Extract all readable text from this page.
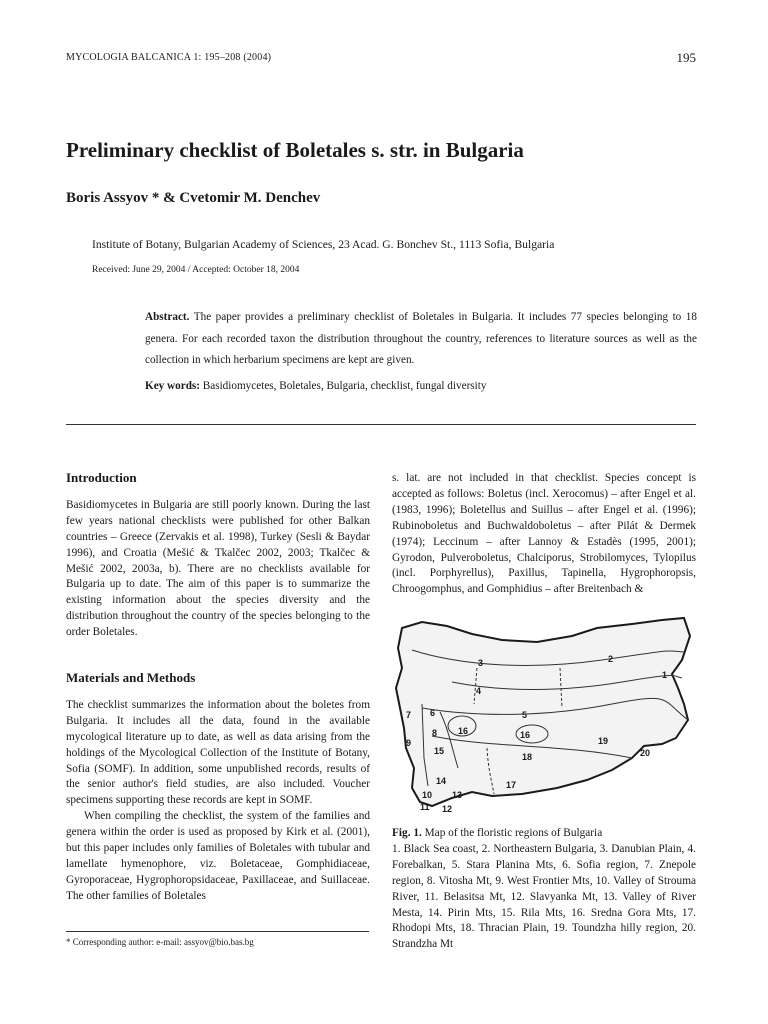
MYCOLOGIA BALCANICA 1: 195–208 (2004)	195
Preliminary checklist of Boletales s. str. in Bulgaria
Boris Assyov * & Cvetomir M. Denchev
Institute of Botany, Bulgarian Academy of Sciences, 23 Acad. G. Bonchev St., 1113 Sofia, Bulgaria
Received: June 29, 2004 / Accepted: October 18, 2004
Abstract. The paper provides a preliminary checklist of Boletales in Bulgaria. It includes 77 species belonging to 18 genera. For each recorded taxon the distribution throughout the country, references to literature sources as well as the collection in which herbarium specimens are kept are given.
Key words: Basidiomycetes, Boletales, Bulgaria, checklist, fungal diversity
Introduction

Basidiomycetes in Bulgaria are still poorly known. During the last few years national checklists were published for other Balkan countries – Greece (Zervakis et al. 1998), Turkey (Sesli & Baydar 1996), and Croatia (Mešić & Tkalčec 2002, 2003; Tkalčec & Mešić 2002, 2003a, b). There are no checklists available for Bulgaria up to date. The aim of this paper is to summarize the existing information about the species diversity and the distribution throughout the country of the species belonging to the order Boletales.

Materials and Methods

The checklist summarizes the information about the boletes from Bulgaria. It includes all the data, found in the available mycological literature up to date, as well as data arising from the holdings of the Mycological Collection of the Institute of Botany, Sofia (SOMF). In addition, some unpublished records, results of the senior author's field studies, are also included. Voucher specimens supporting these records are kept in SOMF.

When compiling the checklist, the system of the families and genera within the order is used as proposed by Kirk et al. (2001), but this paper includes only families of Boletales with tubular and lamellate hymenophore, viz. Boletaceae, Gomphidiaceae, Gyroporaceae, Hygrophoropsidaceae, Paxillaceae, and Suillaceae. The other families of Boletales

s. lat. are not included in that checklist. Species concept is accepted as follows: Boletus (incl. Xerocomus) – after Engel et al. (1983, 1996); Boletellus and Suillus – after Engel et al. (1996); Rubinoboletus and Buchwaldoboletus – after Pilát & Dermek (1974); Leccinum – after Lannoy & Estadès (1995, 2001); Gyrodon, Pulveroboletus, Chalciporus, Strobilomyces, Tylopilus (incl. Porphyrellus), Paxillus, Tapinella, Hygrophoropsis, Chroogomphus, and Gomphidius – after Breitenbach &

1
2
3
4
5
6
7
8
9
10
11 12
13
14
15
16	16
17
18
19
20
Fig. 1. Map of the floristic regions of Bulgaria
1. Black Sea coast, 2. Northeastern Bulgaria, 3. Danubian Plain, 4. Forebalkan, 5. Stara Planina Mts, 6. Sofia region, 7. Znepole region, 8. Vitosha Mt, 9. West Frontier Mts, 10. Valley of Strouma River, 11. Belasitsa Mt, 12. Slavyanka Mt, 13. Valley of River Mesta, 14. Pirin Mts, 15. Rila Mts, 16. Sredna Gora Mts, 17. Rhodopi Mts, 18. Thracian Plain, 19. Toundzha hilly region, 20. Strandzha Mt
* Corresponding author: e-mail: assyov@bio.bas.bg
